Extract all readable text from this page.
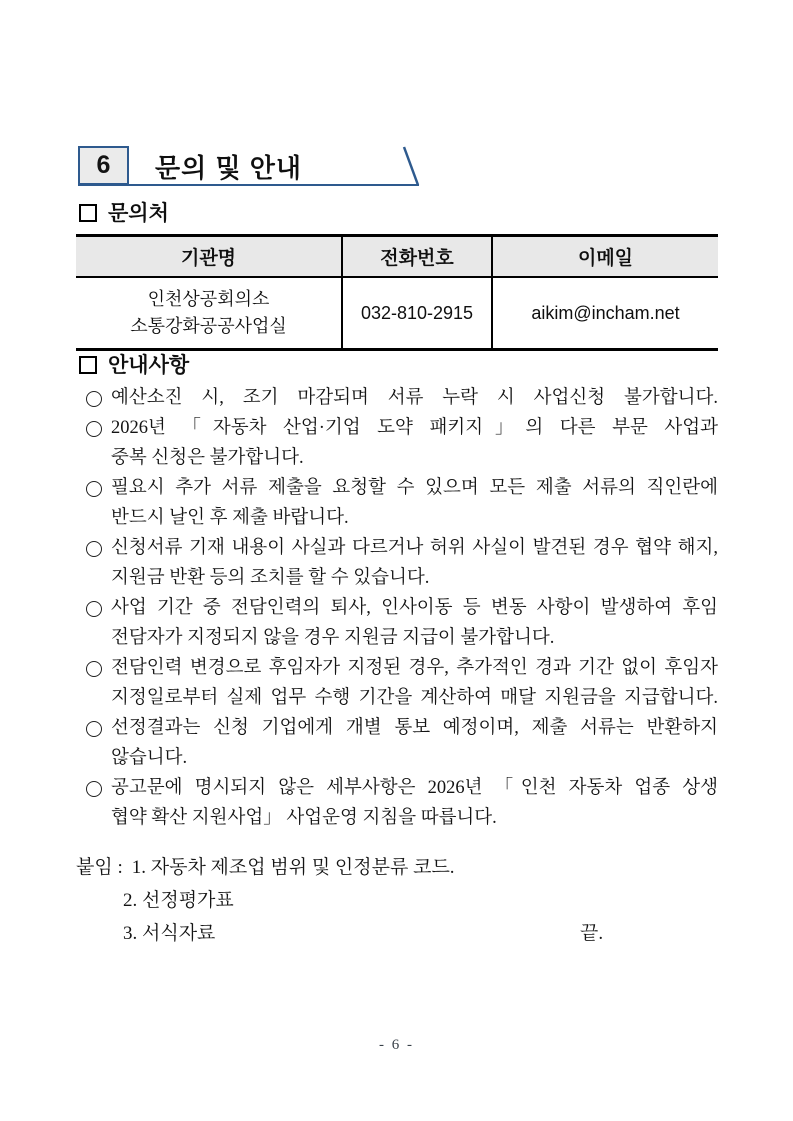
6 문의 및 안내
문의처
기관명	전화번호	이메일

인천상공회의소
소통강화공공사업실	032-810-2915	aikim@incham.net
안내사항
예산소진 시, 조기 마감되며 서류 누락 시 사업신청 불가합니다.
2026년 「자동차 산업·기업 도약 패키지」의 다른 부문 사업과
중복 신청은 불가합니다.
필요시 추가 서류 제출을 요청할 수 있으며 모든 제출 서류의 직인란에
반드시 날인 후 제출 바랍니다.
신청서류 기재 내용이 사실과 다르거나 허위 사실이 발견된 경우 협약 해지,
지원금 반환 등의 조치를 할 수 있습니다.
사업 기간 중 전담인력의 퇴사, 인사이동 등 변동 사항이 발생하여 후임
전담자가 지정되지 않을 경우 지원금 지급이 불가합니다.
전담인력 변경으로 후임자가 지정된 경우, 추가적인 경과 기간 없이 후임자
지정일로부터 실제 업무 수행 기간을 계산하여 매달 지원금을 지급합니다.
선정결과는 신청 기업에게 개별 통보 예정이며, 제출 서류는 반환하지
않습니다.
공고문에 명시되지 않은 세부사항은 2026년 「인천 자동차 업종 상생
협약 확산 지원사업」 사업운영 지침을 따릅니다.
붙임 : 1. 자동차 제조업 범위 및 인정분류 코드.
2. 선정평가표
3. 서식자료	끝.
- 6 -
